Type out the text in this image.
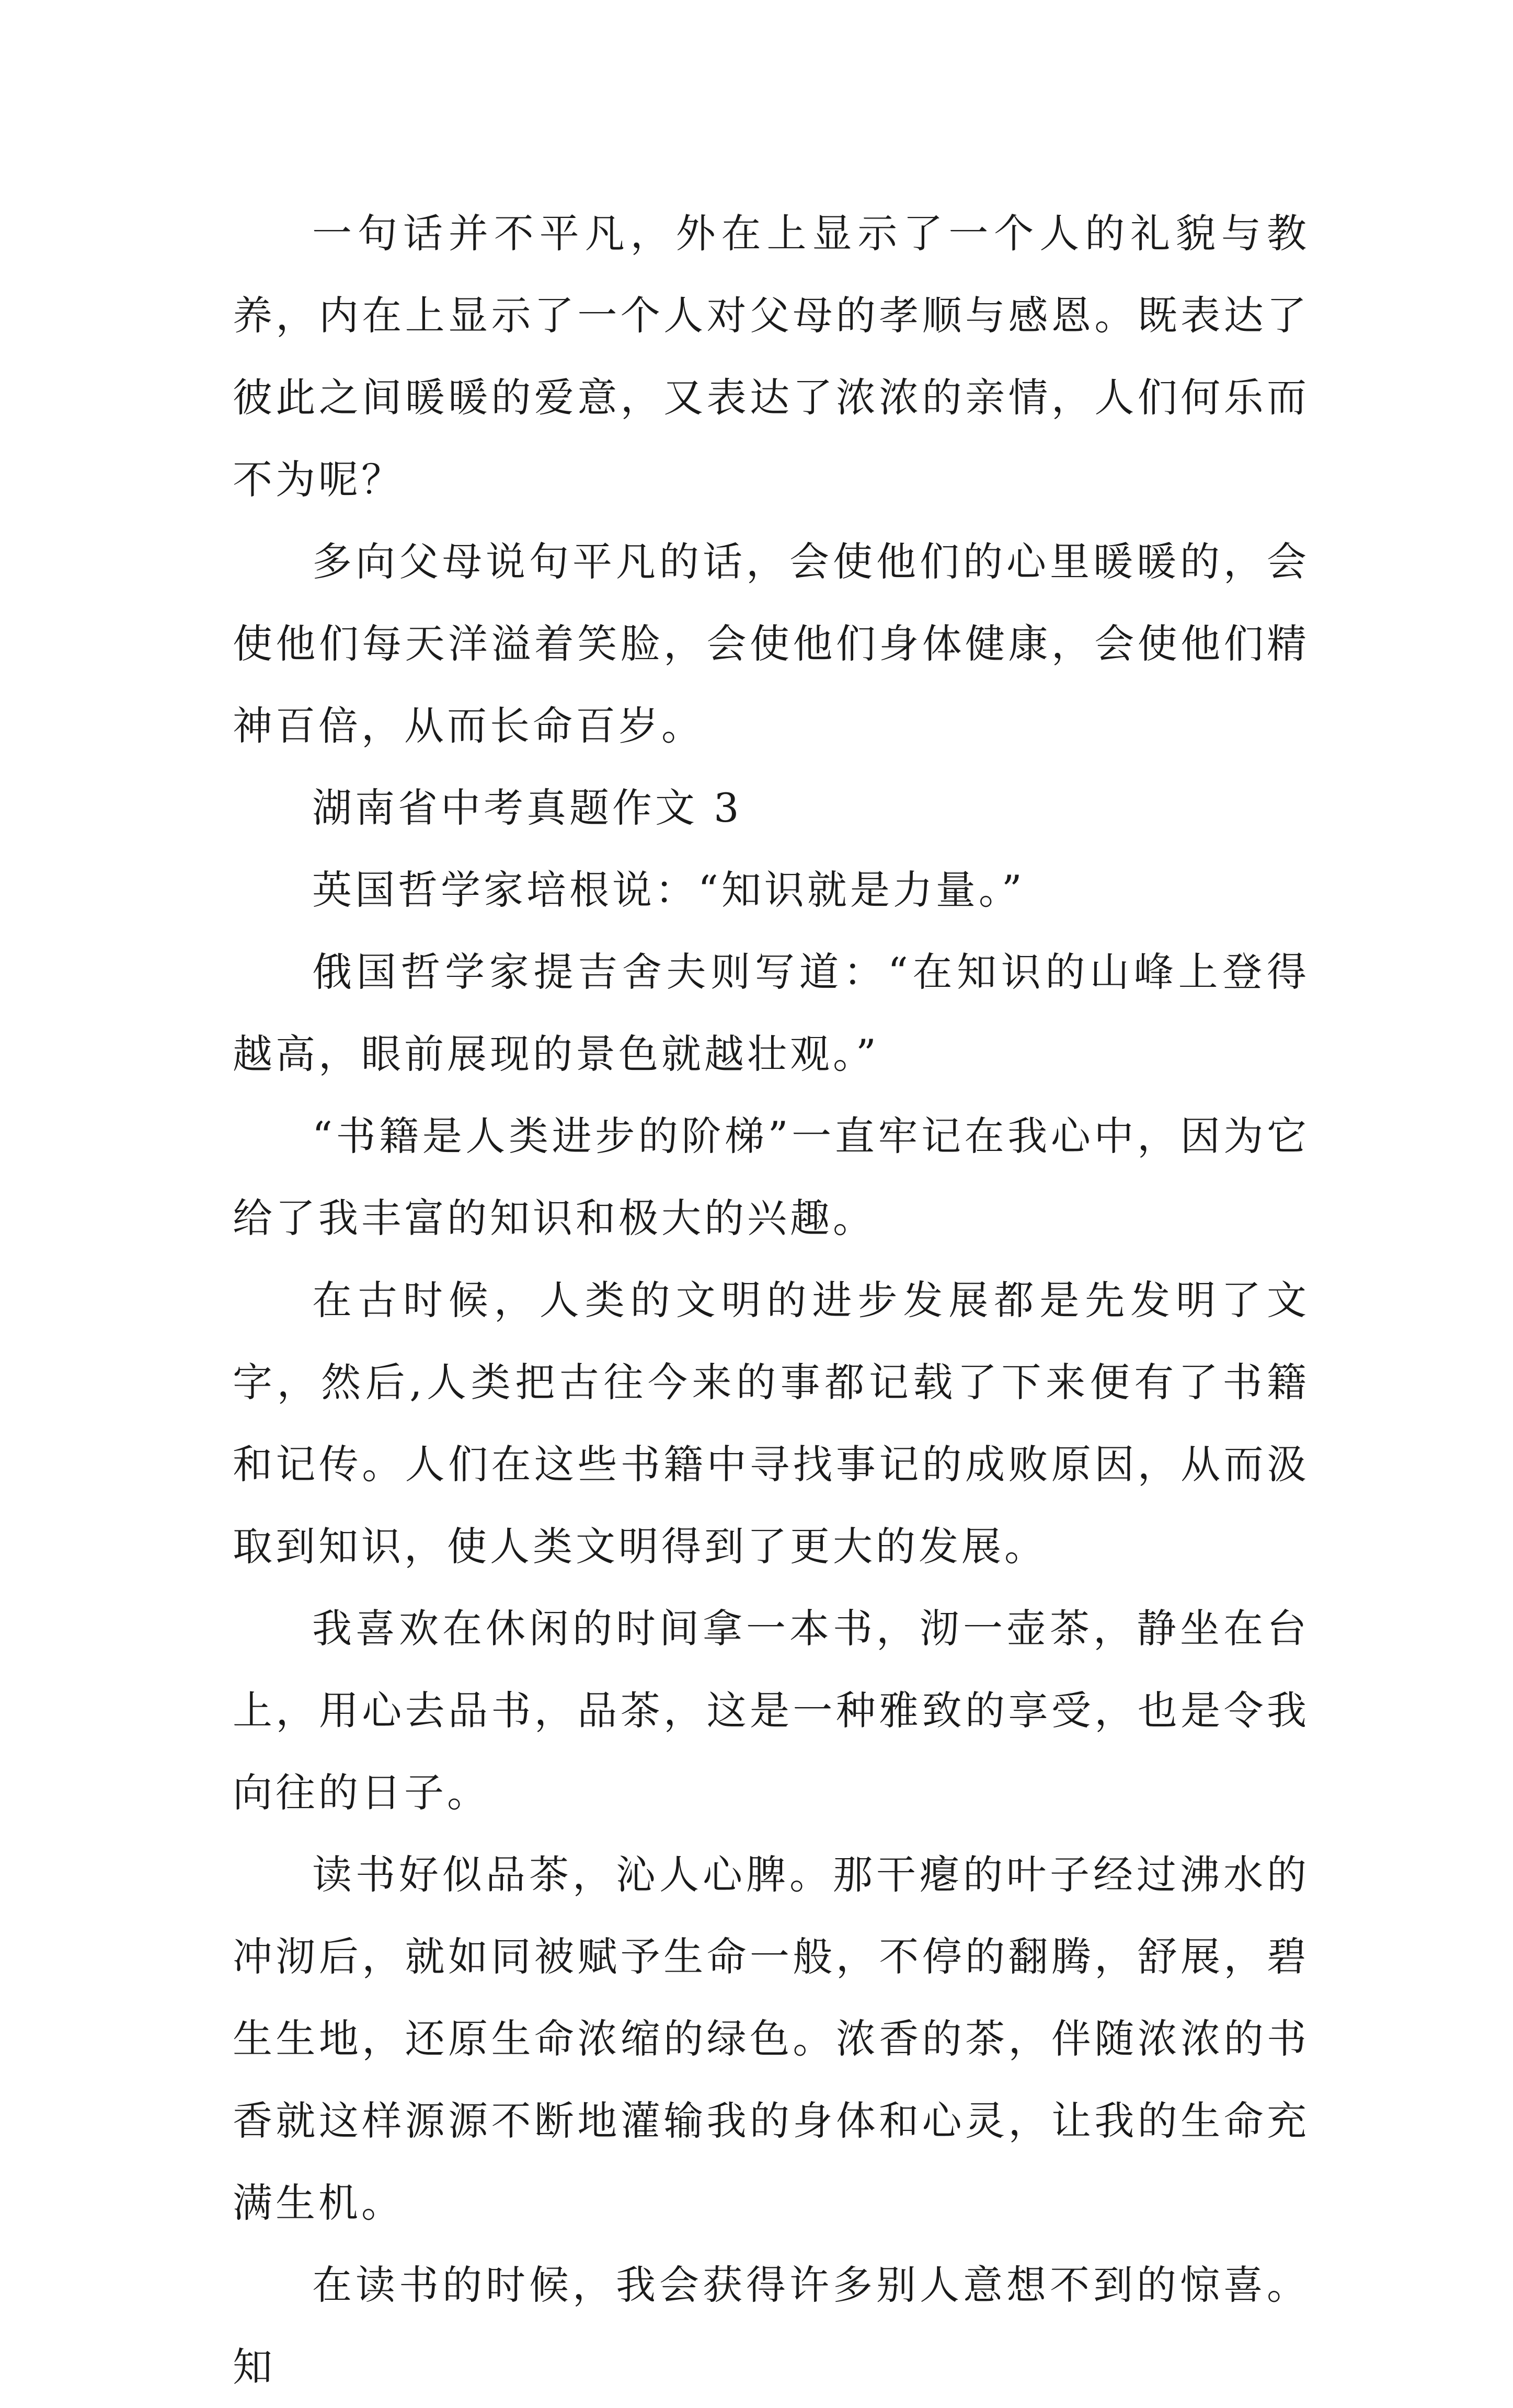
一句话并不平凡，外在上显示了一个人的礼貌与教养，内在上显示了一个人对父母的孝顺与感恩。既表达了彼此之间暖暖的爱意，又表达了浓浓的亲情，人们何乐而不为呢？

多向父母说句平凡的话，会使他们的心里暖暖的，会使他们每天洋溢着笑脸，会使他们身体健康，会使他们精神百倍，从而长命百岁。

湖南省中考真题作文 3

英国哲学家培根说：“知识就是力量。”

俄国哲学家提吉舍夫则写道：“在知识的山峰上登得越高，眼前展现的景色就越壮观。”

“书籍是人类进步的阶梯”一直牢记在我心中，因为它给了我丰富的知识和极大的兴趣。

在古时候，人类的文明的进步发展都是先发明了文字，然后,人类把古往今来的事都记载了下来便有了书籍和记传。人们在这些书籍中寻找事记的成败原因，从而汲取到知识，使人类文明得到了更大的发展。

我喜欢在休闲的时间拿一本书，沏一壶茶，静坐在台上，用心去品书，品茶，这是一种雅致的享受，也是令我向往的日子。

读书好似品茶，沁人心脾。那干瘪的叶子经过沸水的冲沏后，就如同被赋予生命一般，不停的翻腾，舒展，碧生生地，还原生命浓缩的绿色。浓香的茶，伴随浓浓的书香就这样源源不断地灌输我的身体和心灵，让我的生命充满生机。

在读书的时候，我会获得许多别人意想不到的惊喜。知
